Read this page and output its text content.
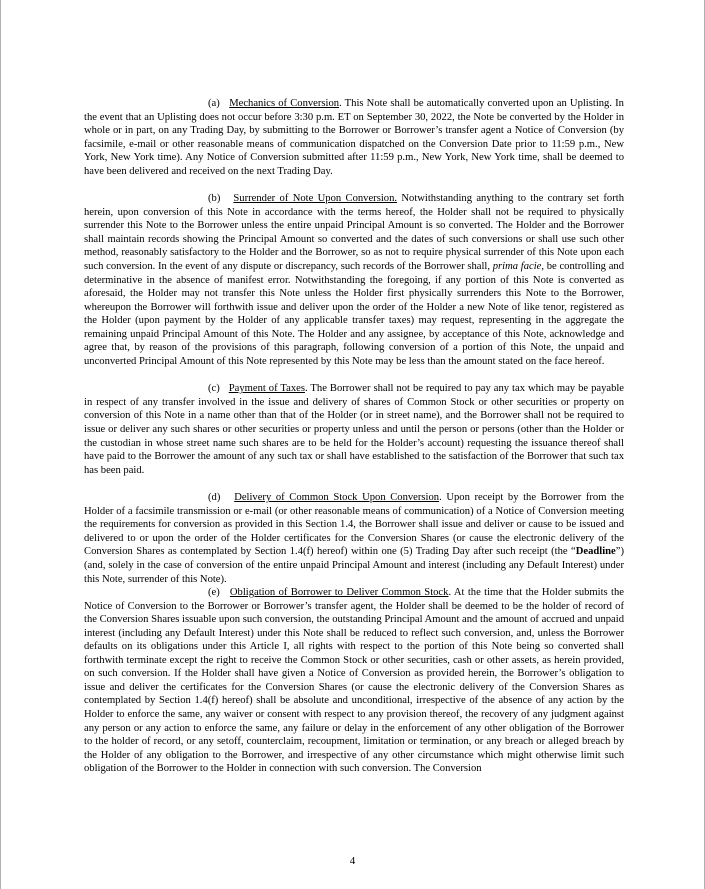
(a) Mechanics of Conversion. This Note shall be automatically converted upon an Uplisting. In the event that an Uplisting does not occur before 3:30 p.m. ET on September 30, 2022, the Note be converted by the Holder in whole or in part, on any Trading Day, by submitting to the Borrower or Borrower’s transfer agent a Notice of Conversion (by facsimile, e-mail or other reasonable means of communication dispatched on the Conversion Date prior to 11:59 p.m., New York, New York time). Any Notice of Conversion submitted after 11:59 p.m., New York, New York time, shall be deemed to have been delivered and received on the next Trading Day.

(b) Surrender of Note Upon Conversion. Notwithstanding anything to the contrary set forth herein, upon conversion of this Note in accordance with the terms hereof, the Holder shall not be required to physically surrender this Note to the Borrower unless the entire unpaid Principal Amount is so converted. The Holder and the Borrower shall maintain records showing the Principal Amount so converted and the dates of such conversions or shall use such other method, reasonably satisfactory to the Holder and the Borrower, so as not to require physical surrender of this Note upon each such conversion. In the event of any dispute or discrepancy, such records of the Borrower shall, prima facie, be controlling and determinative in the absence of manifest error. Notwithstanding the foregoing, if any portion of this Note is converted as aforesaid, the Holder may not transfer this Note unless the Holder first physically surrenders this Note to the Borrower, whereupon the Borrower will forthwith issue and deliver upon the order of the Holder a new Note of like tenor, registered as the Holder (upon payment by the Holder of any applicable transfer taxes) may request, representing in the aggregate the remaining unpaid Principal Amount of this Note. The Holder and any assignee, by acceptance of this Note, acknowledge and agree that, by reason of the provisions of this paragraph, following conversion of a portion of this Note, the unpaid and unconverted Principal Amount of this Note represented by this Note may be less than the amount stated on the face hereof.

(c) Payment of Taxes. The Borrower shall not be required to pay any tax which may be payable in respect of any transfer involved in the issue and delivery of shares of Common Stock or other securities or property on conversion of this Note in a name other than that of the Holder (or in street name), and the Borrower shall not be required to issue or deliver any such shares or other securities or property unless and until the person or persons (other than the Holder or the custodian in whose street name such shares are to be held for the Holder’s account) requesting the issuance thereof shall have paid to the Borrower the amount of any such tax or shall have established to the satisfaction of the Borrower that such tax has been paid.

(d) Delivery of Common Stock Upon Conversion. Upon receipt by the Borrower from the Holder of a facsimile transmission or e-mail (or other reasonable means of communication) of a Notice of Conversion meeting the requirements for conversion as provided in this Section 1.4, the Borrower shall issue and deliver or cause to be issued and delivered to or upon the order of the Holder certificates for the Conversion Shares (or cause the electronic delivery of the Conversion Shares as contemplated by Section 1.4(f) hereof) within one (5) Trading Day after such receipt (the “Deadline”) (and, solely in the case of conversion of the entire unpaid Principal Amount and interest (including any Default Interest) under this Note, surrender of this Note).

(e) Obligation of Borrower to Deliver Common Stock. At the time that the Holder submits the Notice of Conversion to the Borrower or Borrower’s transfer agent, the Holder shall be deemed to be the holder of record of the Conversion Shares issuable upon such conversion, the outstanding Principal Amount and the amount of accrued and unpaid interest (including any Default Interest) under this Note shall be reduced to reflect such conversion, and, unless the Borrower defaults on its obligations under this Article I, all rights with respect to the portion of this Note being so converted shall forthwith terminate except the right to receive the Common Stock or other securities, cash or other assets, as herein provided, on such conversion. If the Holder shall have given a Notice of Conversion as provided herein, the Borrower’s obligation to issue and deliver the certificates for the Conversion Shares (or cause the electronic delivery of the Conversion Shares as contemplated by Section 1.4(f) hereof) shall be absolute and unconditional, irrespective of the absence of any action by the Holder to enforce the same, any waiver or consent with respect to any provision thereof, the recovery of any judgment against any person or any action to enforce the same, any failure or delay in the enforcement of any other obligation of the Borrower to the holder of record, or any setoff, counterclaim, recoupment, limitation or termination, or any breach or alleged breach by the Holder of any obligation to the Borrower, and irrespective of any other circumstance which might otherwise limit such obligation of the Borrower to the Holder in connection with such conversion. The Conversion

4
